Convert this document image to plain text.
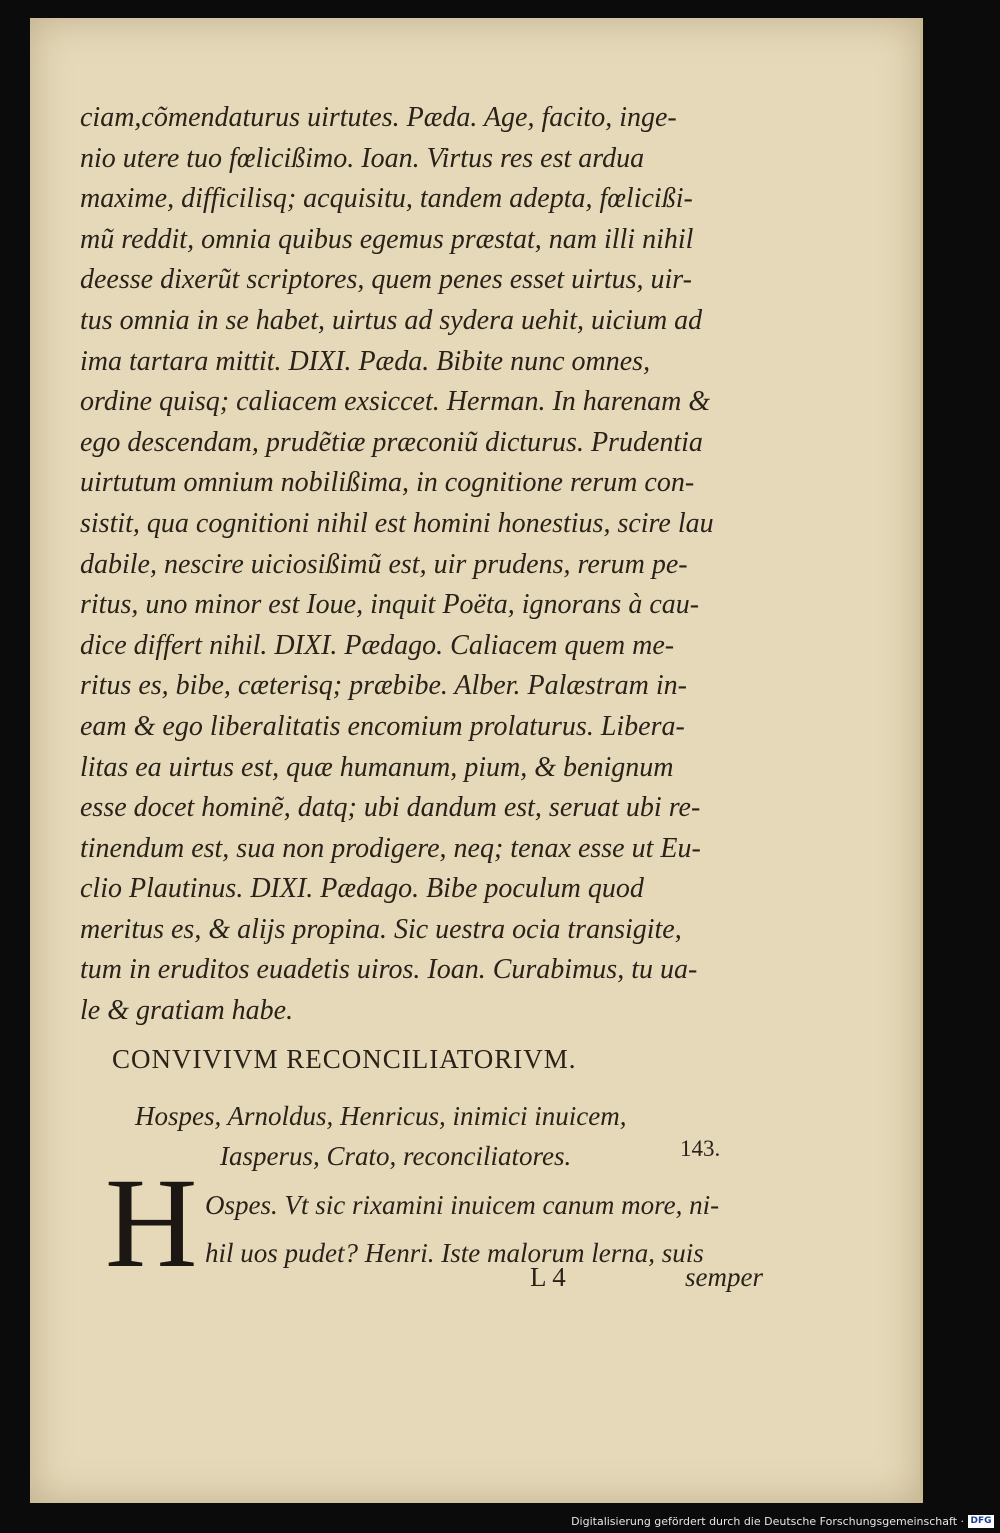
ciam,cõmendaturus uirtutes. Pæda. Age, facito, inge-
nio utere tuo fœlicißimo. Ioan. Virtus res est ardua
maxime, difficilisq; acquisitu, tandem adepta, fœlicißi-
mũ reddit, omnia quibus egemus præstat, nam illi nihil
deesse dixerũt scriptores, quem penes esset uirtus, uir-
tus omnia in se habet, uirtus ad sydera uehit, uicium ad
ima tartara mittit. DIXI. Pæda. Bibite nunc omnes,
ordine quisq; caliacem exsiccet. Herman. In harenam &
ego descendam, prudẽtiæ præconiũ dicturus. Prudentia
uirtutum omnium nobilißima, in cognitione rerum con-
sistit, qua cognitioni nihil est homini honestius, scire lau
dabile, nescire uiciosißimũ est, uir prudens, rerum pe-
ritus, uno minor est Ioue, inquit Poëta, ignorans à cau-
dice differt nihil. DIXI. Pædago. Caliacem quem me-
ritus es, bibe, cæterisq; præbibe. Alber. Palæstram in-
eam & ego liberalitatis encomium prolaturus. Libera-
litas ea uirtus est, quæ humanum, pium, & benignum
esse docet hominẽ, datq; ubi dandum est, seruat ubi re-
tinendum est, sua non prodigere, neq; tenax esse ut Eu-
clio Plautinus. DIXI. Pædago. Bibe poculum quod
meritus es, & alijs propina. Sic uestra ocia transigite,
tum in eruditos euadetis uiros. Ioan. Curabimus, tu ua-
le & gratiam habe.
CONVIVIVM RECONCILIATORIVM.
Hospes, Arnoldus, Henricus, inimici inuicem,
Iasperus, Crato, reconciliatores.	143.
H Ospes. Vt sic rixamini inuicem canum more, ni-
hil uos pudet? Henri. Iste malorum lerna, suis
L 4	semper
Digitalisierung gefördert durch die Deutsche Forschungsgemeinschaft · DFG
